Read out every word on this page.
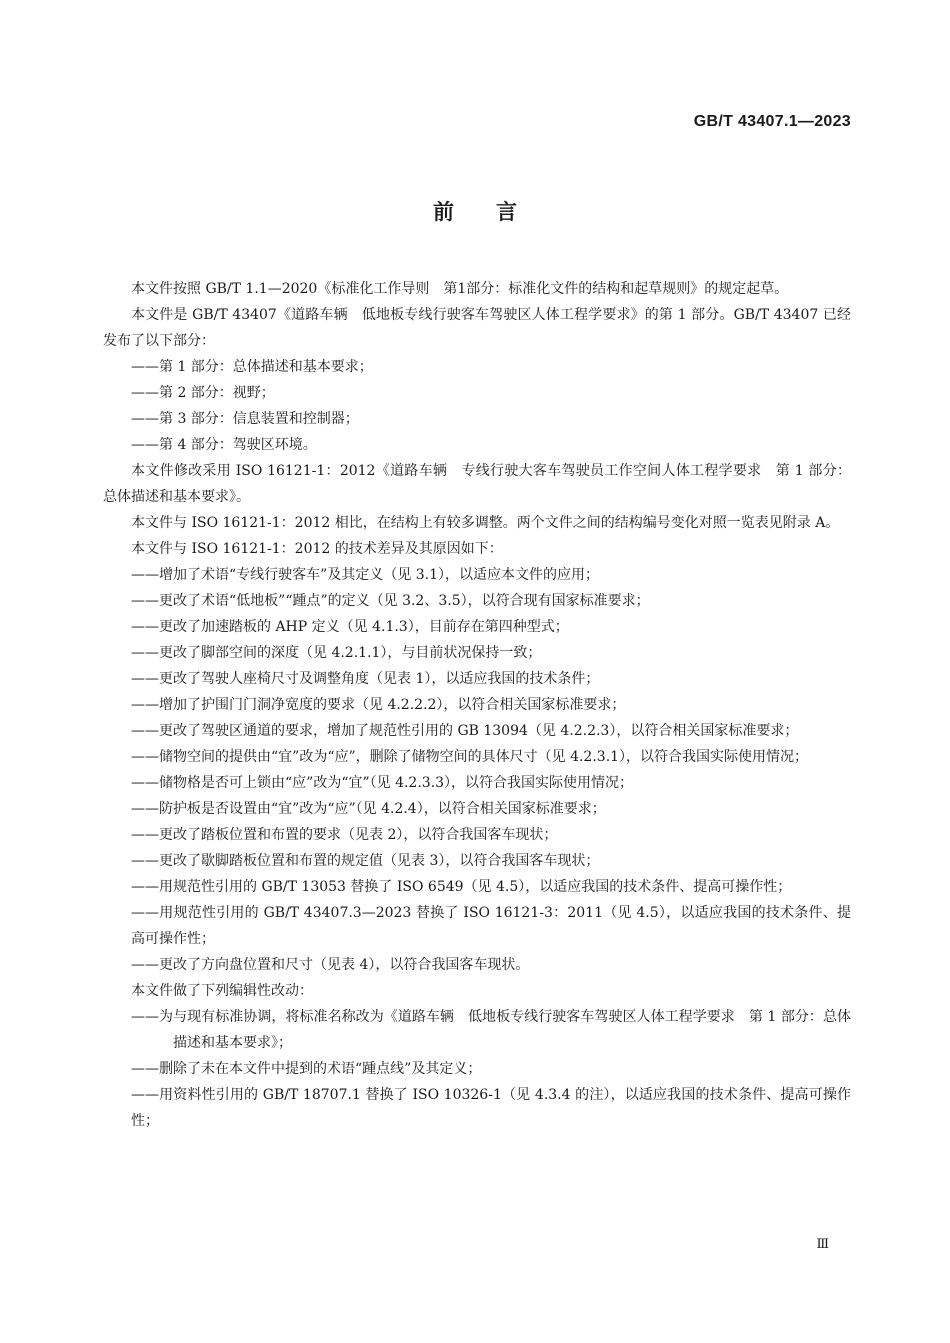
GB/T 43407.1—2023
前言

本文件按照 GB/T 1.1—2020《标准化工作导则　第1部分：标准化文件的结构和起草规则》的规定起草。

本文件是 GB/T 43407《道路车辆　低地板专线行驶客车驾驶区人体工程学要求》的第 1 部分。GB/T 43407 已经发布了以下部分：

——第 1 部分：总体描述和基本要求；

——第 2 部分：视野；

——第 3 部分：信息装置和控制器；

——第 4 部分：驾驶区环境。

本文件修改采用 ISO 16121-1：2012《道路车辆　专线行驶大客车驾驶员工作空间人体工程学要求　第 1 部分：总体描述和基本要求》。

本文件与 ISO 16121-1：2012 相比，在结构上有较多调整。两个文件之间的结构编号变化对照一览表见附录 A。

本文件与 ISO 16121-1：2012 的技术差异及其原因如下：

——增加了术语“专线行驶客车”及其定义（见 3.1），以适应本文件的应用；

——更改了术语“低地板”“踵点”的定义（见 3.2、3.5），以符合现有国家标准要求；

——更改了加速踏板的 AHP 定义（见 4.1.3），目前存在第四种型式；

——更改了脚部空间的深度（见 4.2.1.1），与目前状况保持一致；

——更改了驾驶人座椅尺寸及调整角度（见表 1），以适应我国的技术条件；

——增加了护围门门洞净宽度的要求（见 4.2.2.2），以符合相关国家标准要求；

——更改了驾驶区通道的要求，增加了规范性引用的 GB 13094（见 4.2.2.3），以符合相关国家标准要求；

——储物空间的提供由“宜”改为“应”，删除了储物空间的具体尺寸（见 4.2.3.1），以符合我国实际使用情况；

——储物格是否可上锁由“应”改为“宜”（见 4.2.3.3），以符合我国实际使用情况；

——防护板是否设置由“宜”改为“应”（见 4.2.4），以符合相关国家标准要求；

——更改了踏板位置和布置的要求（见表 2），以符合我国客车现状；

——更改了歇脚踏板位置和布置的规定值（见表 3），以符合我国客车现状；

——用规范性引用的 GB/T 13053 替换了 ISO 6549（见 4.5），以适应我国的技术条件、提高可操作性；

——用规范性引用的 GB/T 43407.3—2023 替换了 ISO 16121-3：2011（见 4.5），以适应我国的技术条件、提高可操作性；

——更改了方向盘位置和尺寸（见表 4），以符合我国客车现状。

本文件做了下列编辑性改动：

——为与现有标准协调，将标准名称改为《道路车辆　低地板专线行驶客车驾驶区人体工程学要求　第 1 部分：总体描述和基本要求》；

——删除了未在本文件中提到的术语“踵点线”及其定义；

——用资料性引用的 GB/T 18707.1 替换了 ISO 10326-1（见 4.3.4 的注），以适应我国的技术条件、提高可操作性；

Ⅲ
